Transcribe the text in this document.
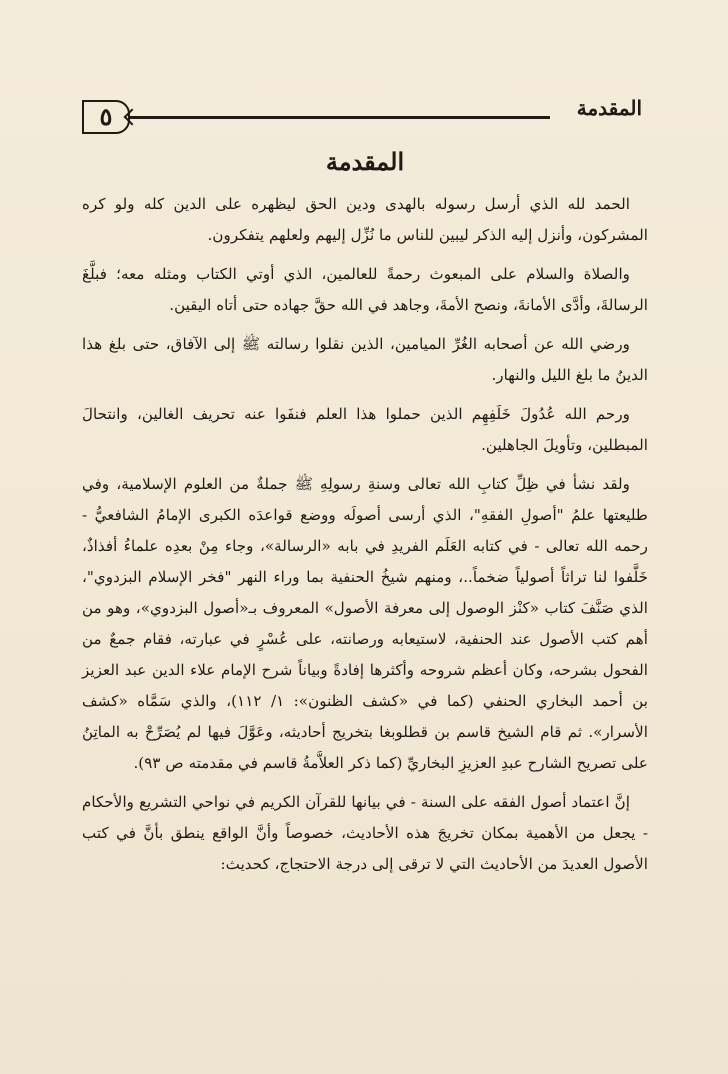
٥	المقدمة
المقدمة

الحمد لله الذي أرسل رسوله بالهدى ودين الحق ليظهره على الدين كله ولو كره المشركون، وأنزل إليه الذكر ليبين للناس ما نُزِّل إليهم ولعلهم يتفكرون.

والصلاة والسلام على المبعوث رحمةً للعالمين، الذي أوتي الكتاب ومثله معه؛ فبلَّغَ الرسالةَ، وأدَّى الأمانةَ، ونصح الأمةَ، وجاهد في الله حقَّ جهاده حتى أتاه اليقين.

ورضي الله عن أصحابه الغُرِّ الميامين، الذين نقلوا رسالته ﷺ إلى الآفاق، حتى بلغ هذا الدينُ ما بلغ الليل والنهار.

ورحم الله عُدُولَ خَلَفِهِم الذين حملوا هذا العلم فنفَوا عنه تحريف الغالين، وانتحالَ المبطلين، وتأويلَ الجاهلين.

ولقد نشأ في ظِلِّ كتابِ الله تعالى وسنةِ رسولِهِ ﷺ جملةٌ من العلوم الإسلامية، وفي طليعتها علمُ "أصولِ الفقهِ"، الذي أرسى أصولَه ووضع قواعدَه الكبرى الإمامُ الشافعيُّ - رحمه الله تعالى - في كتابه العَلَم الفريدِ في بابه «الرسالة»، وجاء مِنْ بعدِه علماءُ أفذاذٌ، خَلَّفوا لنا تراثاً أصولياً ضخماً..، ومنهم شيخُ الحنفية بما وراء النهر "فخر الإسلام البزدوي"، الذي صَنَّفَ كتاب «كنْز الوصول إلى معرفة الأصول» المعروف بـ«أصول البزدوي»، وهو من أهم كتب الأصول عند الحنفية، لاستيعابه ورصانته، على عُسْرٍ في عبارته، فقام جمعٌ من الفحول بشرحه، وكان أعظم شروحه وأكثرها إفادةً وبياناً شرح الإمام علاء الدين عبد العزيز بن أحمد البخاري الحنفي (كما في «كشف الظنون»: ١/ ١١٢)، والذي سَمَّاه «كشف الأسرار». ثم قام الشيخ قاسم بن قطلوبغا بتخريج أحاديثه، وعَوَّلَ فيها لم يُصَرِّحْ به الماتِنُ على تصريح الشارح عبدِ العزيزِ البخاريِّ (كما ذكر العلاَّمةُ قاسم في مقدمته ص ٩٣).

إنَّ اعتماد أصول الفقه على السنة - في بيانها للقرآن الكريم في نواحي التشريع والأحكام - يجعل من الأهمية بمكان تخريجَ هذه الأحاديث، خصوصاً وأنَّ الواقع ينطق بأنَّ في كتب الأصول العديدَ من الأحاديث التي لا ترقى إلى درجة الاحتجاج، كحديث:
